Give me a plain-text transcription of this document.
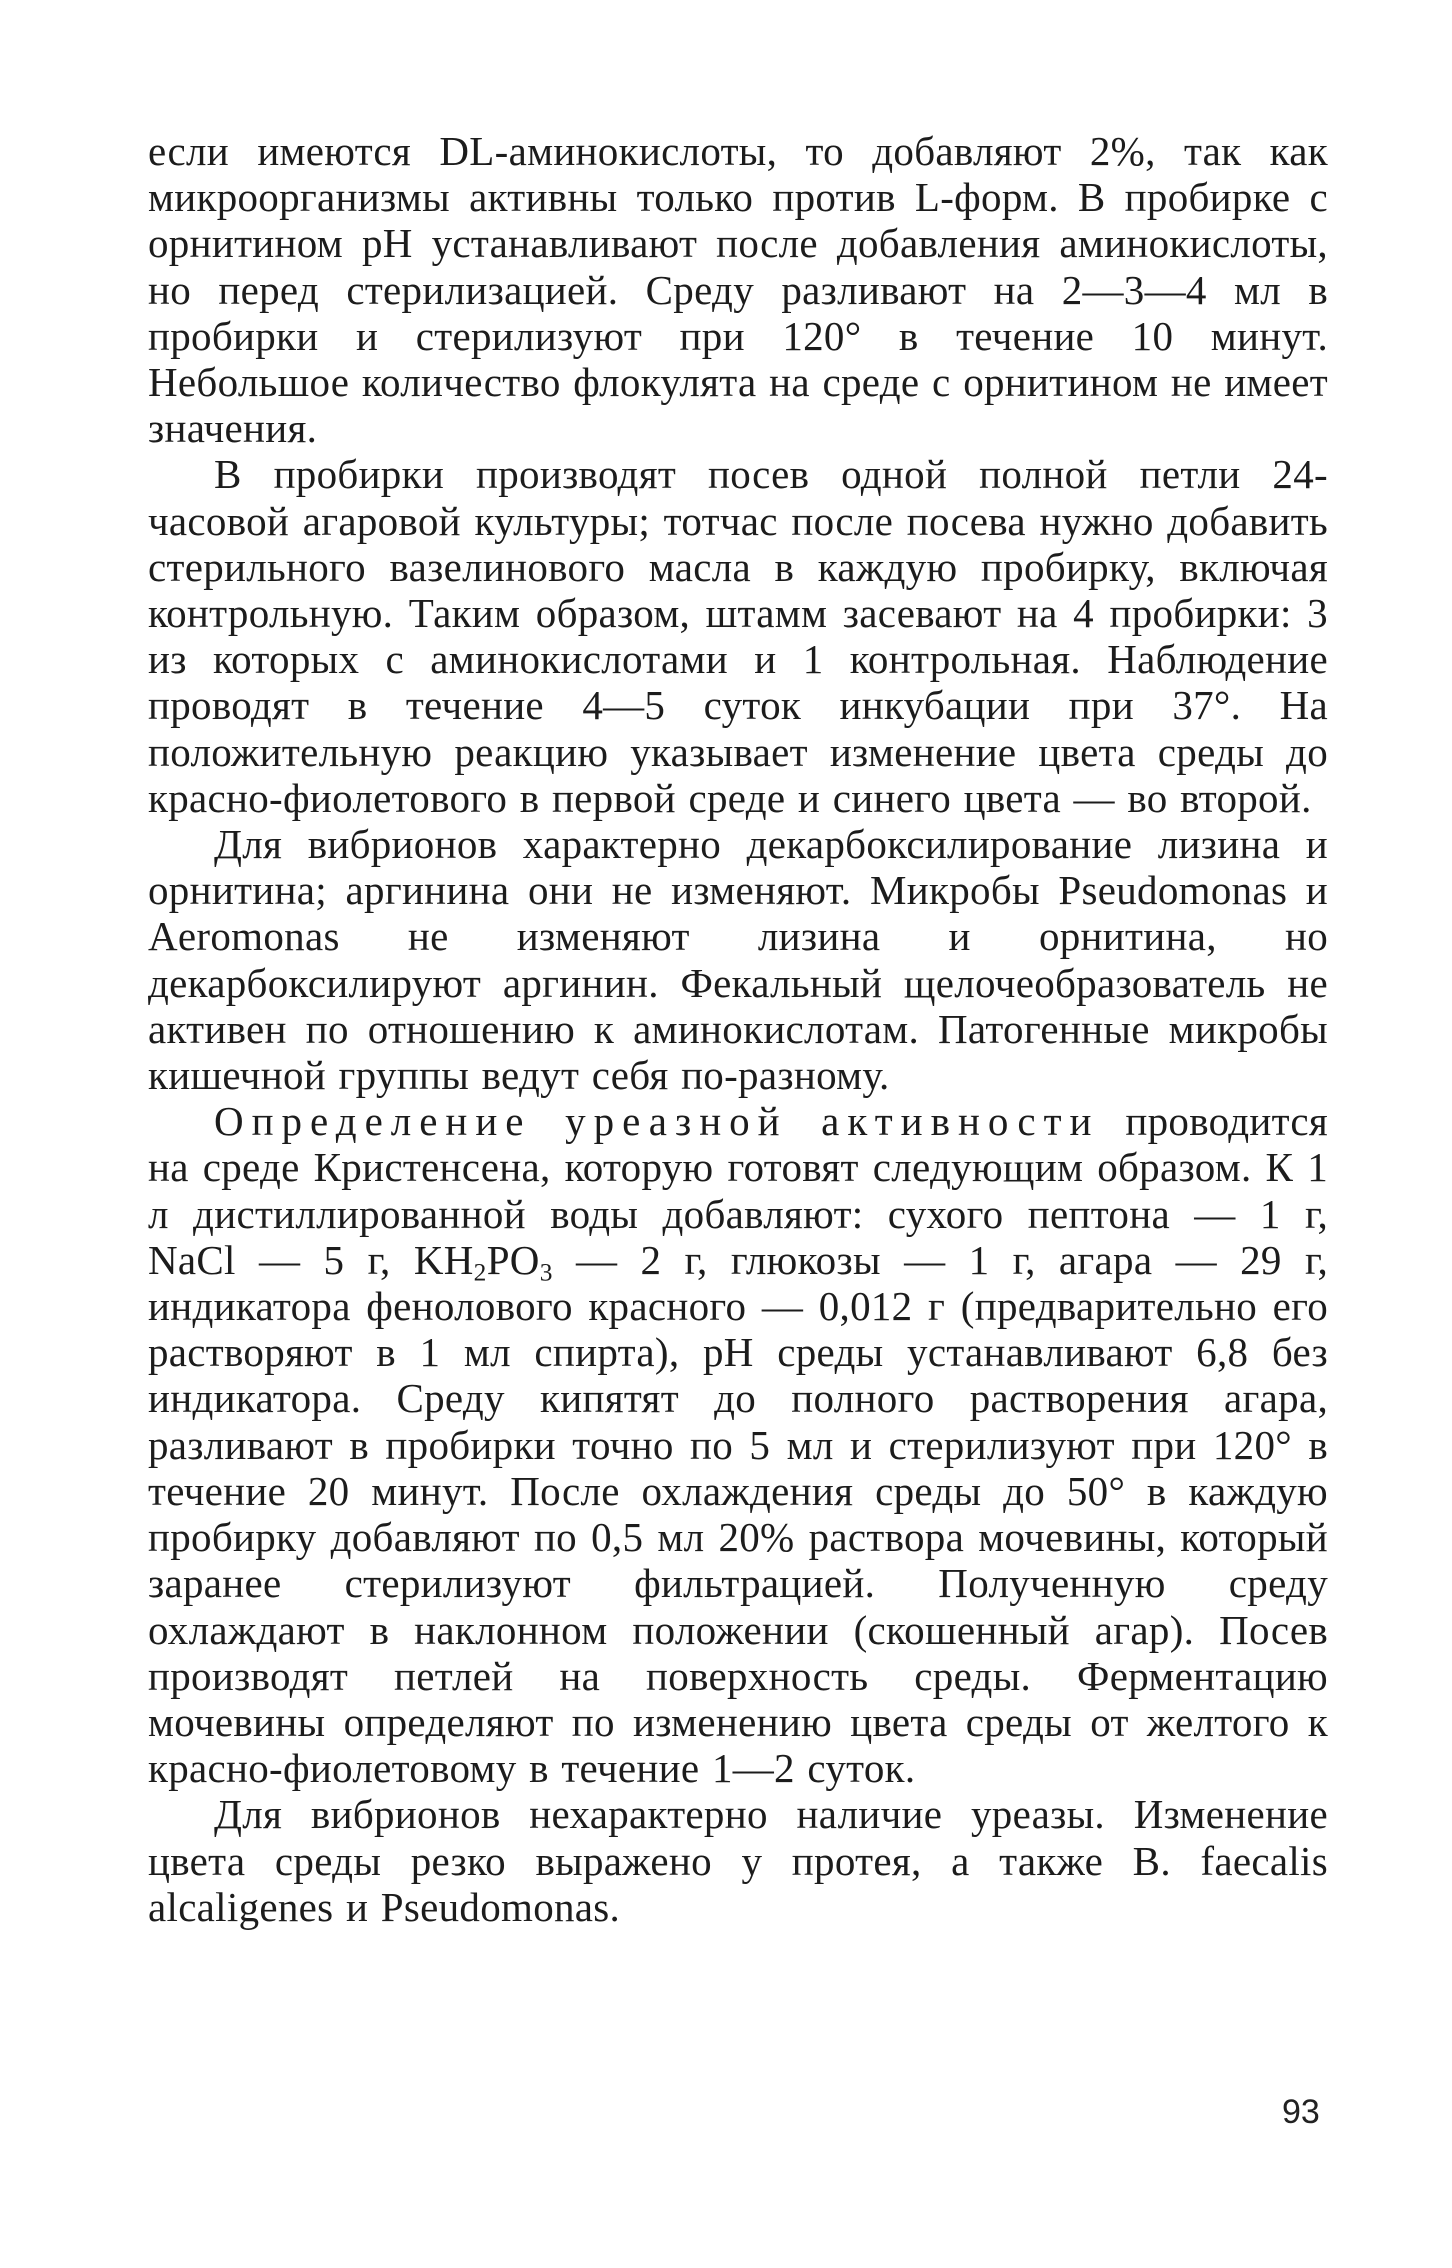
если имеются DL-аминокислоты, то добавляют 2%, так как микроорганизмы активны только против L-форм. В пробирке с орнитином pH устанавливают после добавления аминокислоты, но перед стерилизацией. Среду разливают на 2—3—4 мл в пробирки и стерилизуют при 120° в течение 10 минут. Небольшое количество флокулята на среде с орнитином не имеет значения.

В пробирки производят посев одной полной петли 24-часовой агаровой культуры; тотчас после посева нужно добавить стерильного вазелинового масла в каждую пробирку, включая контрольную. Таким образом, штамм засевают на 4 пробирки: 3 из которых с аминокислотами и 1 контрольная. Наблюдение проводят в течение 4—5 суток инкубации при 37°. На положительную реакцию указывает изменение цвета среды до красно-фиолетового в первой среде и синего цвета — во второй.

Для вибрионов характерно декарбоксилирование лизина и орнитина; аргинина они не изменяют. Микробы Pseudomonas и Aeromonas не изменяют лизина и орнитина, но декарбоксилируют аргинин. Фекальный щелочеобразователь не активен по отношению к аминокислотам. Патогенные микробы кишечной группы ведут себя по-разному.

Определение уреазной активности проводится на среде Кристенсена, которую готовят следующим образом. К 1 л дистиллированной воды добавляют: сухого пептона — 1 г, NaCl — 5 г, $KH_2PO_3$ — 2 г, глюкозы — 1 г, агара — 29 г, индикатора фенолового красного — 0,012 г (предварительно его растворяют в 1 мл спирта), pH среды устанавливают 6,8 без индикатора. Среду кипятят до полного растворения агара, разливают в пробирки точно по 5 мл и стерилизуют при 120° в течение 20 минут. После охлаждения среды до 50° в каждую пробирку добавляют по 0,5 мл 20% раствора мочевины, который заранее стерилизуют фильтрацией. Полученную среду охлаждают в наклонном положении (скошенный агар). Посев производят петлей на поверхность среды. Ферментацию мочевины определяют по изменению цвета среды от желтого к красно-фиолетовому в течение 1—2 суток.

Для вибрионов нехарактерно наличие уреазы. Изменение цвета среды резко выражено у протея, а также B. faecalis alcaligenes и Pseudomonas.

93
